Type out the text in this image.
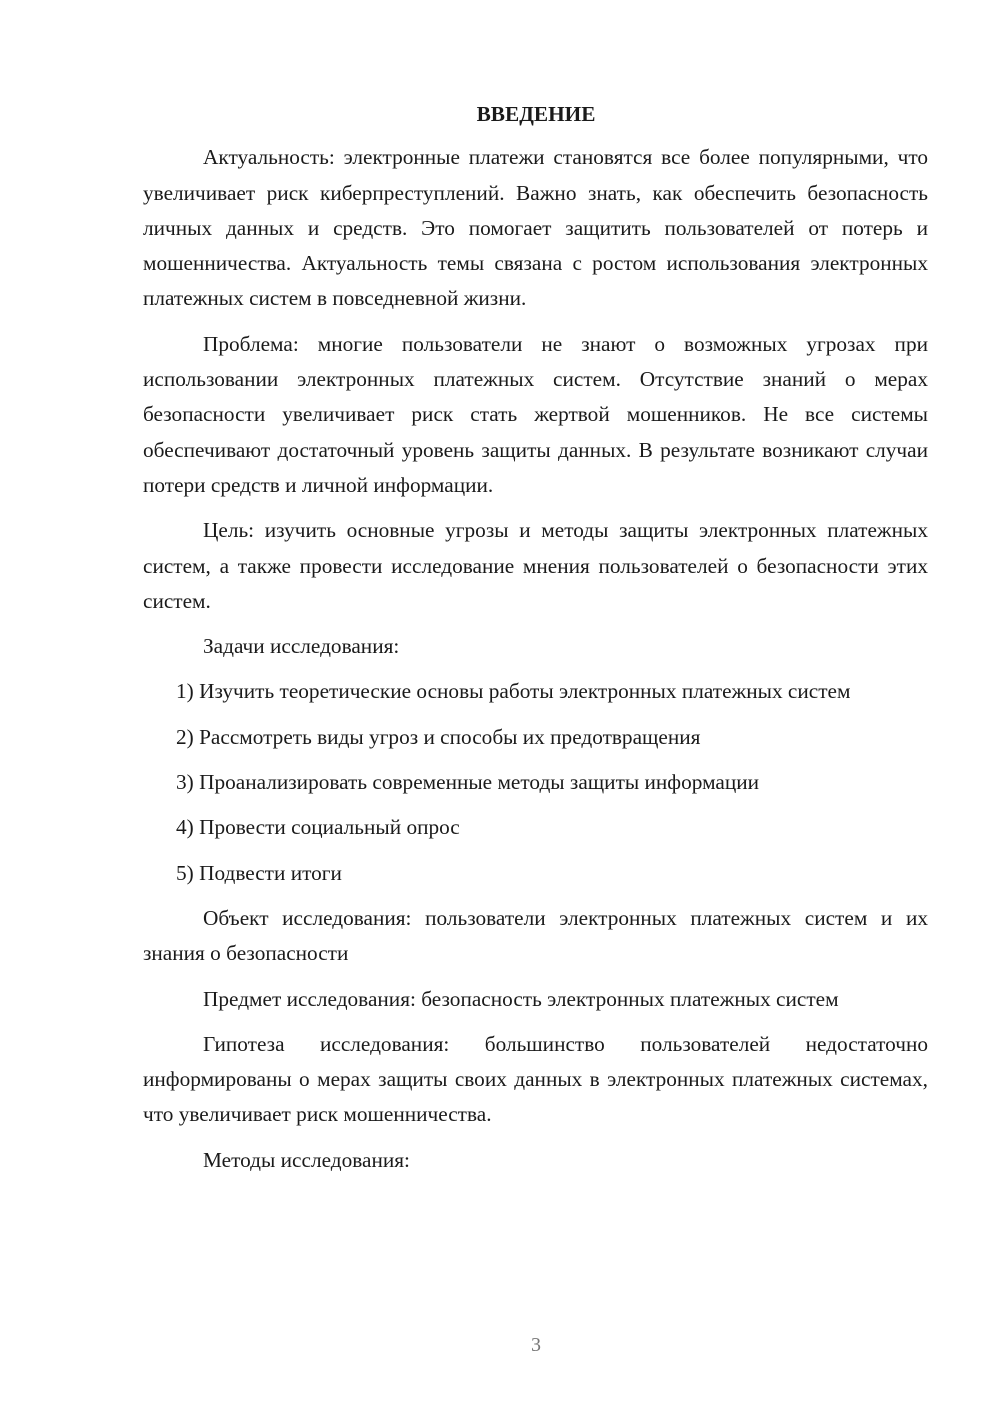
ВВЕДЕНИЕ

Актуальность: электронные платежи становятся все более популярными, что увеличивает риск киберпреступлений. Важно знать, как обеспечить безопасность личных данных и средств. Это помогает защитить пользователей от потерь и мошенничества. Актуальность темы связана с ростом использования электронных платежных систем в повседневной жизни.

Проблема: многие пользователи не знают о возможных угрозах при использовании электронных платежных систем. Отсутствие знаний о мерах безопасности увеличивает риск стать жертвой мошенников. Не все системы обеспечивают достаточный уровень защиты данных. В результате возникают случаи потери средств и личной информации.

Цель: изучить основные угрозы и методы защиты электронных платежных систем, а также провести исследование мнения пользователей о безопасности этих систем.

Задачи исследования:

1) Изучить теоретические основы работы электронных платежных систем

2) Рассмотреть виды угроз и способы их предотвращения

3) Проанализировать современные методы защиты информации

4) Провести социальный опрос

5) Подвести итоги

Объект исследования: пользователи электронных платежных систем и их знания о безопасности

Предмет исследования: безопасность электронных платежных систем

Гипотеза исследования: большинство пользователей недостаточно информированы о мерах защиты своих данных в электронных платежных системах, что увеличивает риск мошенничества.

Методы исследования:

3
